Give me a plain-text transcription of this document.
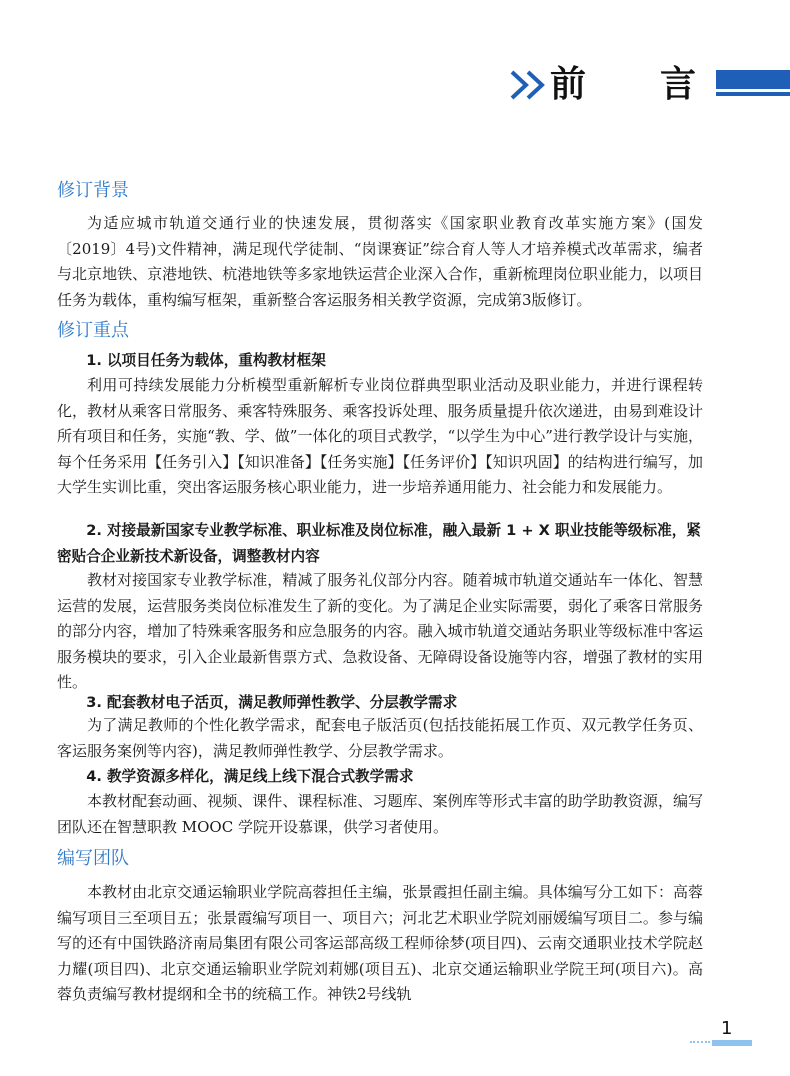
前 言
修订背景

为适应城市轨道交通行业的快速发展，贯彻落实《国家职业教育改革实施方案》(国发〔2019〕4号)文件精神，满足现代学徒制、“岗课赛证”综合育人等人才培养模式改革需求，编者与北京地铁、京港地铁、杭港地铁等多家地铁运营企业深入合作，重新梳理岗位职业能力，以项目任务为载体，重构编写框架，重新整合客运服务相关教学资源，完成第3版修订。

修订重点

1. 以项目任务为载体，重构教材框架

利用可持续发展能力分析模型重新解析专业岗位群典型职业活动及职业能力，并进行课程转化，教材从乘客日常服务、乘客特殊服务、乘客投诉处理、服务质量提升依次递进，由易到难设计所有项目和任务，实施“教、学、做”一体化的项目式教学，“以学生为中心”进行教学设计与实施，每个任务采用【任务引入】【知识准备】【任务实施】【任务评价】【知识巩固】的结构进行编写，加大学生实训比重，突出客运服务核心职业能力，进一步培养通用能力、社会能力和发展能力。

2. 对接最新国家专业教学标准、职业标准及岗位标准，融入最新 1 + X 职业技能等级标准，紧密贴合企业新技术新设备，调整教材内容

教材对接国家专业教学标准，精减了服务礼仪部分内容。随着城市轨道交通站车一体化、智慧运营的发展，运营服务类岗位标准发生了新的变化。为了满足企业实际需要，弱化了乘客日常服务的部分内容，增加了特殊乘客服务和应急服务的内容。融入城市轨道交通站务职业等级标准中客运服务模块的要求，引入企业最新售票方式、急救设备、无障碍设备设施等内容，增强了教材的实用性。

3. 配套教材电子活页，满足教师弹性教学、分层教学需求

为了满足教师的个性化教学需求，配套电子版活页(包括技能拓展工作页、双元教学任务页、客运服务案例等内容)，满足教师弹性教学、分层教学需求。

4. 教学资源多样化，满足线上线下混合式教学需求

本教材配套动画、视频、课件、课程标准、习题库、案例库等形式丰富的助学助教资源，编写团队还在智慧职教 MOOC 学院开设慕课，供学习者使用。

编写团队

本教材由北京交通运输职业学院高蓉担任主编，张景霞担任副主编。具体编写分工如下：高蓉编写项目三至项目五；张景霞编写项目一、项目六；河北艺术职业学院刘丽媛编写项目二。参与编写的还有中国铁路济南局集团有限公司客运部高级工程师徐梦(项目四)、云南交通职业技术学院赵力耀(项目四)、北京交通运输职业学院刘莉娜(项目五)、北京交通运输职业学院王珂(项目六)。高蓉负责编写教材提纲和全书的统稿工作。神铁2号线轨

1
